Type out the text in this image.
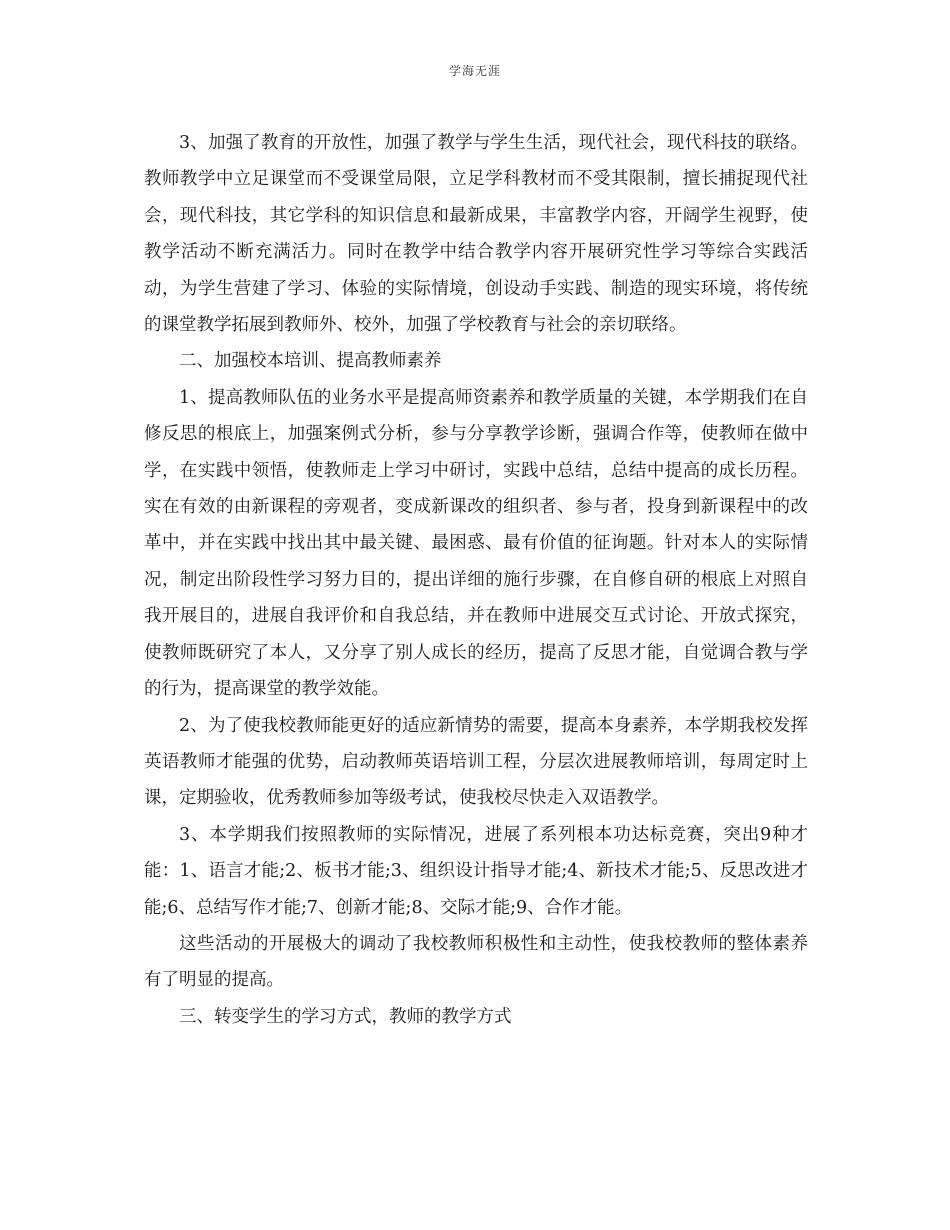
学海无涯

3、加强了教育的开放性，加强了教学与学生生活，现代社会，现代科技的联络。教师教学中立足课堂而不受课堂局限，立足学科教材而不受其限制，擅长捕捉现代社会，现代科技，其它学科的知识信息和最新成果，丰富教学内容，开阔学生视野，使教学活动不断充满活力。同时在教学中结合教学内容开展研究性学习等综合实践活动，为学生营建了学习、体验的实际情境，创设动手实践、制造的现实环境，将传统的课堂教学拓展到教师外、校外，加强了学校教育与社会的亲切联络。

二、加强校本培训、提高教师素养

1、提高教师队伍的业务水平是提高师资素养和教学质量的关键，本学期我们在自修反思的根底上，加强案例式分析，参与分享教学诊断，强调合作等，使教师在做中学，在实践中领悟，使教师走上学习中研讨，实践中总结，总结中提高的成长历程。实在有效的由新课程的旁观者，变成新课改的组织者、参与者，投身到新课程中的改革中，并在实践中找出其中最关键、最困惑、最有价值的征询题。针对本人的实际情况，制定出阶段性学习努力目的，提出详细的施行步骤，在自修自研的根底上对照自我开展目的，进展自我评价和自我总结，并在教师中进展交互式讨论、开放式探究，使教师既研究了本人，又分享了别人成长的经历，提高了反思才能，自觉调合教与学的行为，提高课堂的教学效能。

2、为了使我校教师能更好的适应新情势的需要，提高本身素养，本学期我校发挥英语教师才能强的优势，启动教师英语培训工程，分层次进展教师培训，每周定时上课，定期验收，优秀教师参加等级考试，使我校尽快走入双语教学。

3、本学期我们按照教师的实际情况，进展了系列根本功达标竞赛，突出9种才能：1、语言才能;2、板书才能;3、组织设计指导才能;4、新技术才能;5、反思改进才能;6、总结写作才能;7、创新才能;8、交际才能;9、合作才能。

这些活动的开展极大的调动了我校教师积极性和主动性，使我校教师的整体素养有了明显的提高。

三、转变学生的学习方式，教师的教学方式
